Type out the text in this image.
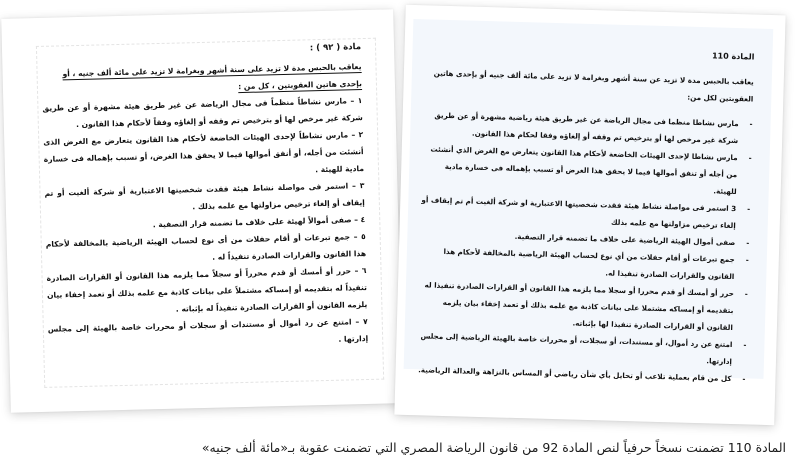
مادة ( ٩٢ ) :
يعاقب بالحبس مدة لا تزيد على سنة أشهر وبغرامة لا تزيد على مائة ألف جنيه ، أو بإحدى هاتين العقوبتين ، كل من :
١ – مارس نشاطاً منظماً فى مجال الرياضة عن غير طريق هيئة مشهرة أو عن طريق شركة غير مرخص لها أو بترخيص تم وقفه أو إلغاؤه وفقاً لأحكام هذا القانون .
٢ – مارس نشاطاً لإحدى الهيئات الخاضعة لأحكام هذا القانون يتعارض مع الغرض الذى أنشئت من أجله، أو أنفق أموالها فيما لا يحقق هذا الغرض، أو تسبب بإهماله فى خسارة مادية للهيئة .
٣ – استمر فى مواصلة نشاط هيئة فقدت شخصيتها الاعتبارية أو شركة ألغيت أو تم إيقاف أو إلغاء ترخيص مزاولتها مع علمه بذلك .
٤ – صفى أموالاً لهيئة على خلاف ما تضمنه قرار التصفية .
٥ – جمع تبرعات أو أقام حفلات من أى نوع لحساب الهيئة الرياضية بالمخالفة لأحكام هذا القانون والقرارات الصادرة تنفيذاً له .
٦ – حرر أو أمسك أو قدم محرراً أو سجلاً مما يلزمه هذا القانون أو القرارات الصادرة تنفيذاً له بتقديمه أو إمساكه مشتملاً على بيانات كاذبة مع علمه بذلك أو تعمد إخفاء بيان يلزمه القانون أو القرارات الصادرة تنفيذاً له بإثباته .
٧ – امتنع عن رد أموال أو مستندات أو سجلات أو محررات خاصة بالهيئة إلى مجلس إدارتها .
المادة 110
يعاقب بالحبس مدة لا تزيد عن سنة أشهر وبغرامة لا تزيد على مائة ألف جنيه أو بإحدى هاتين العقوبتين لكل من:
-
مارس نشاطا منظما فى مجال الرياضة عن غير طريق هيئة رياضية مشهرة أو عن طريق شركة غير مرخص لها أو بترخيص تم وقفه أو إلغاؤه وفقا لحكام هذا القانون.
-
مارس نشاطا لإحدى الهيئات الخاضعة لأحكام هذا القانون يتعارض مع الغرض الذي أنشئت من أجله أو تنفق أموالها فيما لا يحقق هذا الغرض أو تسبب بإهماله فى خسارة مادية للهيئة.
-
3 استمر فى مواصلة نشاط هيئة فقدت شخصيتها الاعتبارية او شركة ألغيت أم تم إيقاف أو إلغاء ترخيص مزاولتها مع علمه بذلك
-
صفى أموال الهيئة الرياضية على خلاف ما تضمنه قرار التصفية.
-
جمع تبرعات أو أقام حفلات من أي نوع لحساب الهيئة الرياضية بالمخالفة لأحكام هذا القانون والقرارات الصادرة تنفيذا له.
-
حرر أو أمسك أو قدم محررا أو سجلا مما يلزمه هذا القانون أو القرارات الصادرة تنفيذا له بتقديمه أو إمساكه مشتملا على بيانات كاذبة مع علمه بذلك أو تعمد إخفاء بيان يلزمه القانون أو القرارات الصادرة تنفيذا لها بإثباته.
-
امتنع عن رد أموال، أو مستندات، أو سجلات، أو محررات خاصة بالهيئة الرياضية إلى مجلس إدارتها.
-
كل من قام بعملية تلاعب أو تحايل بأي شأن رياضي أو المساس بالنزاهة والعدالة الرياضية.
المادة 110 تضمنت نسخاً حرفياً لنص المادة 92 من قانون الرياضة المصري التي تضمنت عقوبة بـ«مائة ألف جنيه»
